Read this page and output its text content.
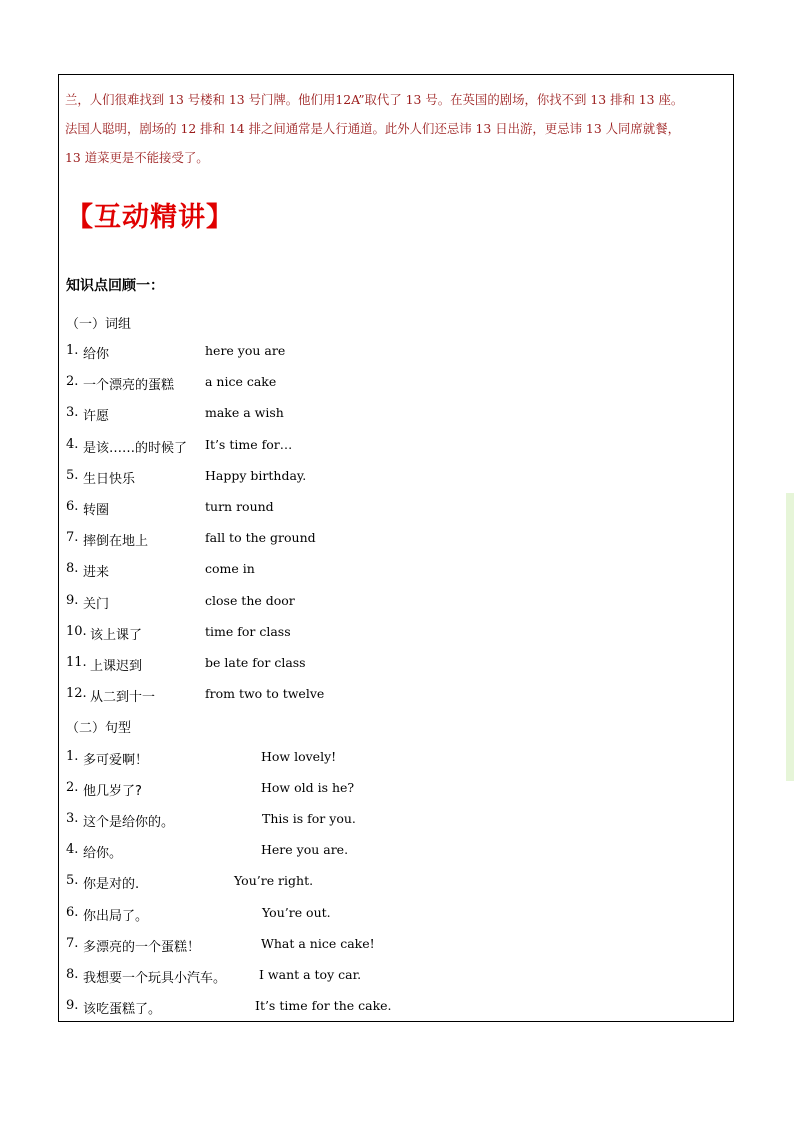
兰，人们很难找到 13 号楼和 13 号门牌。他们用12A”取代了 13 号。在英国的剧场，你找不到 13 排和 13 座。

法国人聪明，剧场的 12 排和 14 排之间通常是人行通道。此外人们还忌讳 13 日出游，更忌讳 13 人同席就餐，

13 道菜更是不能接受了。

【互动精讲】
知识点回顾一：
（一）词组
1. 给你	here you are
2. 一个漂亮的蛋糕 a nice cake
3. 许愿	make a wish
4. 是该……的时候了 It’s time for…
5. 生日快乐	Happy birthday.
6. 转圈	turn round
7. 摔倒在地上	fall to the ground
8. 进来	come in
9. 关门	close the door
10. 该上课了	time for class
11. 上课迟到	be late for class
12. 从二到十一	from two to twelve
（二）句型
1. 多可爱啊！	How lovely!
2. 他几岁了?	How old is he?
3. 这个是给你的。	This is for you.
4. 给你。	Here you are.
5. 你是对的.	You’re right.
6. 你出局了。	You’re out.
7. 多漂亮的一个蛋糕！	What a nice cake!
8. 我想要一个玩具小汽车。	I want a toy car.
9. 该吃蛋糕了。	It’s time for the cake.
